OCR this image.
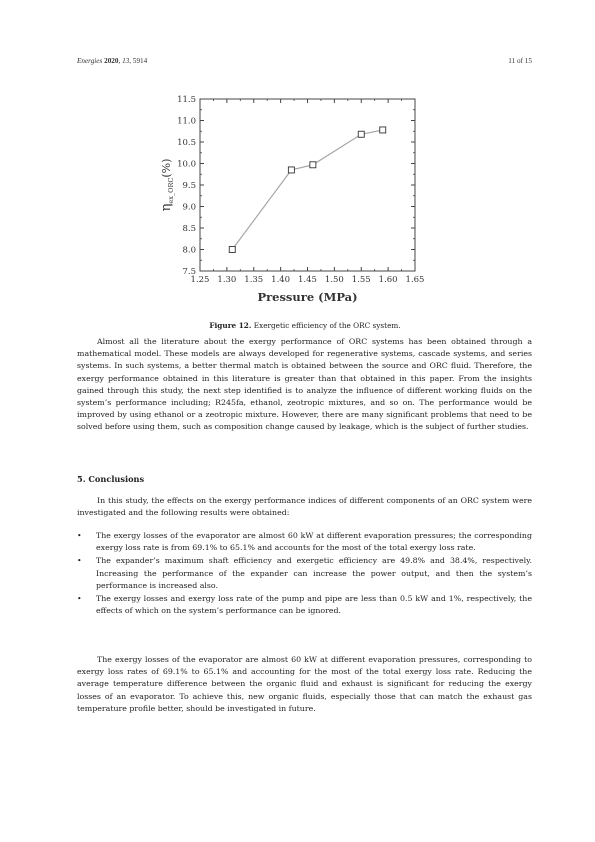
Energies 2020, 13, 5914	11 of 15
1.25 1.30 1.35 1.40 1.45 1.50 1.55 1.60 1.65
7.5
8.0
8.5
9.0
9.5
10.0
10.5
11.0
11.5
Pressure (MPa)
$\eta_{ex\_ORC}(\%)$
Figure 12. Exergetic efficiency of the ORC system.

Almost all the literature about the exergy performance of ORC systems has been obtained through a mathematical model. These models are always developed for regenerative systems, cascade systems, and series systems. In such systems, a better thermal match is obtained between the source and ORC fluid. Therefore, the exergy performance obtained in this literature is greater than that obtained in this paper. From the insights gained through this study, the next step identified is to analyze the influence of different working fluids on the system’s performance including; R245fa, ethanol, zeotropic mixtures, and so on. The performance would be improved by using ethanol or a zeotropic mixture. However, there are many significant problems that need to be solved before using them, such as composition change caused by leakage, which is the subject of further studies.

5. Conclusions

In this study, the effects on the exergy performance indices of different components of an ORC system were investigated and the following results were obtained:

• The exergy losses of the evaporator are almost 60 kW at different evaporation pressures; the corresponding exergy loss rate is from 69.1% to 65.1% and accounts for the most of the total exergy loss rate.
• The expander’s maximum shaft efficiency and exergetic efficiency are 49.8% and 38.4%, respectively. Increasing the performance of the expander can increase the power output, and then the system’s performance is increased also.
• The exergy losses and exergy loss rate of the pump and pipe are less than 0.5 kW and 1%, respectively, the effects of which on the system’s performance can be ignored.

The exergy losses of the evaporator are almost 60 kW at different evaporation pressures, corresponding to exergy loss rates of 69.1% to 65.1% and accounting for the most of the total exergy loss rate. Reducing the average temperature difference between the organic fluid and exhaust is significant for reducing the exergy losses of an evaporator. To achieve this, new organic fluids, especially those that can match the exhaust gas temperature profile better, should be investigated in future.
